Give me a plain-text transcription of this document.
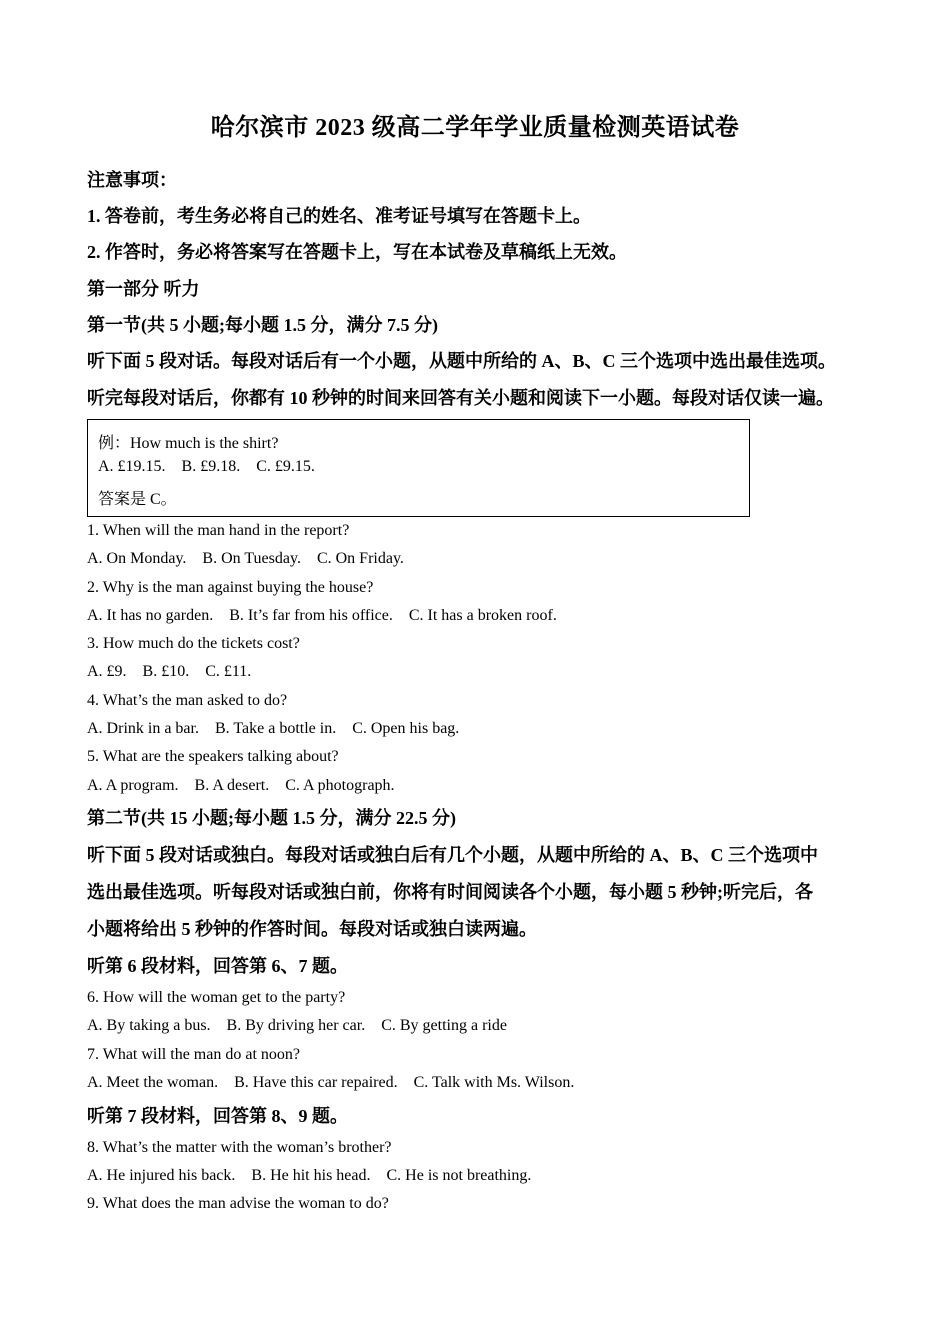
哈尔滨市 2023 级高二学年学业质量检测英语试卷
注意事项：
1. 答卷前，考生务必将自己的姓名、准考证号填写在答题卡上。
2. 作答时，务必将答案写在答题卡上，写在本试卷及草稿纸上无效。
第一部分 听力
第一节(共 5 小题;每小题 1.5 分，满分 7.5 分)
听下面 5 段对话。每段对话后有一个小题，从题中所给的 A、B、C 三个选项中选出最佳选项。
听完每段对话后，你都有 10 秒钟的时间来回答有关小题和阅读下一小题。每段对话仅读一遍。
例：How much is the shirt?
A. £19.15.    B. £9.18.    C. £9.15.
答案是 C。
1. When will the man hand in the report?
A. On Monday.    B. On Tuesday.    C. On Friday.
2. Why is the man against buying the house?
A. It has no garden.    B. It’s far from his office.    C. It has a broken roof.
3. How much do the tickets cost?
A. £9.    B. £10.    C. £11.
4. What’s the man asked to do?
A. Drink in a bar.    B. Take a bottle in.    C. Open his bag.
5. What are the speakers talking about?
A. A program.    B. A desert.    C. A photograph.
第二节(共 15 小题;每小题 1.5 分，满分 22.5 分)
听下面 5 段对话或独白。每段对话或独白后有几个小题，从题中所给的 A、B、C 三个选项中
选出最佳选项。听每段对话或独白前，你将有时间阅读各个小题，每小题 5 秒钟;听完后，各
小题将给出 5 秒钟的作答时间。每段对话或独白读两遍。
听第 6 段材料，回答第 6、7 题。
6. How will the woman get to the party?
A. By taking a bus.    B. By driving her car.    C. By getting a ride
7. What will the man do at noon?
A. Meet the woman.    B. Have this car repaired.    C. Talk with Ms. Wilson.
听第 7 段材料，回答第 8、9 题。
8. What’s the matter with the woman’s brother?
A. He injured his back.    B. He hit his head.    C. He is not breathing.
9. What does the man advise the woman to do?
